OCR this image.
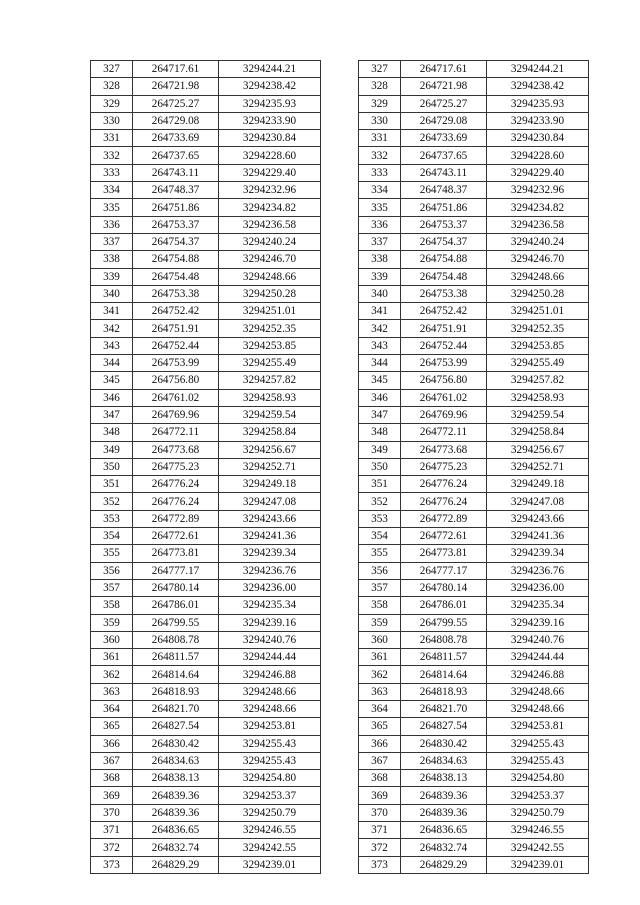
327	264717.61	3294244.21
328	264721.98	3294238.42
329	264725.27	3294235.93
330	264729.08	3294233.90
331	264733.69	3294230.84
332	264737.65	3294228.60
333	264743.11	3294229.40
334	264748.37	3294232.96
335	264751.86	3294234.82
336	264753.37	3294236.58
337	264754.37	3294240.24
338	264754.88	3294246.70
339	264754.48	3294248.66
340	264753.38	3294250.28
341	264752.42	3294251.01
342	264751.91	3294252.35
343	264752.44	3294253.85
344	264753.99	3294255.49
345	264756.80	3294257.82
346	264761.02	3294258.93
347	264769.96	3294259.54
348	264772.11	3294258.84
349	264773.68	3294256.67
350	264775.23	3294252.71
351	264776.24	3294249.18
352	264776.24	3294247.08
353	264772.89	3294243.66
354	264772.61	3294241.36
355	264773.81	3294239.34
356	264777.17	3294236.76
357	264780.14	3294236.00
358	264786.01	3294235.34
359	264799.55	3294239.16
360	264808.78	3294240.76
361	264811.57	3294244.44
362	264814.64	3294246.88
363	264818.93	3294248.66
364	264821.70	3294248.66
365	264827.54	3294253.81
366	264830.42	3294255.43
367	264834.63	3294255.43
368	264838.13	3294254.80
369	264839.36	3294253.37
370	264839.36	3294250.79
371	264836.65	3294246.55
372	264832.74	3294242.55
373	264829.29	3294239.01
327	264717.61	3294244.21
328	264721.98	3294238.42
329	264725.27	3294235.93
330	264729.08	3294233.90
331	264733.69	3294230.84
332	264737.65	3294228.60
333	264743.11	3294229.40
334	264748.37	3294232.96
335	264751.86	3294234.82
336	264753.37	3294236.58
337	264754.37	3294240.24
338	264754.88	3294246.70
339	264754.48	3294248.66
340	264753.38	3294250.28
341	264752.42	3294251.01
342	264751.91	3294252.35
343	264752.44	3294253.85
344	264753.99	3294255.49
345	264756.80	3294257.82
346	264761.02	3294258.93
347	264769.96	3294259.54
348	264772.11	3294258.84
349	264773.68	3294256.67
350	264775.23	3294252.71
351	264776.24	3294249.18
352	264776.24	3294247.08
353	264772.89	3294243.66
354	264772.61	3294241.36
355	264773.81	3294239.34
356	264777.17	3294236.76
357	264780.14	3294236.00
358	264786.01	3294235.34
359	264799.55	3294239.16
360	264808.78	3294240.76
361	264811.57	3294244.44
362	264814.64	3294246.88
363	264818.93	3294248.66
364	264821.70	3294248.66
365	264827.54	3294253.81
366	264830.42	3294255.43
367	264834.63	3294255.43
368	264838.13	3294254.80
369	264839.36	3294253.37
370	264839.36	3294250.79
371	264836.65	3294246.55
372	264832.74	3294242.55
373	264829.29	3294239.01
